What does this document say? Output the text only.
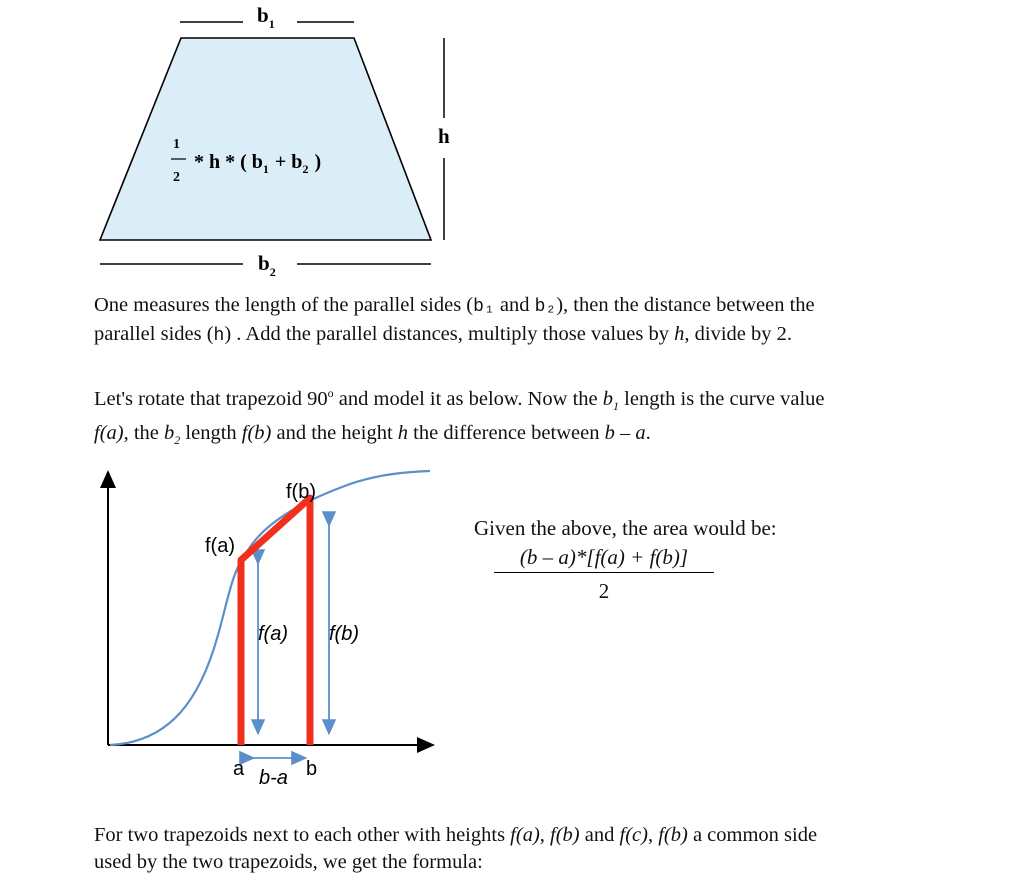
$b_1$
h
1
2
* h * ( $b_1 + b_2$ )
$b_2$

One measures the length of the parallel sides (b₁ and b₂), then the distance between the
parallel sides (h) . Add the parallel distances, multiply those values by h, divide by 2.

Let's rotate that trapezoid 90$^o$ and model it as below. Now the $b_1$ length is the curve value
f(a), the $b_2$ length f(b) and the height h the difference between b – a.

f(b)
f(a)
f(a) f(b)
a	b
b-a
Given the above, the area would be:
(b – a)*[f(a) + f(b)]
2

For two trapezoids next to each other with heights f(a), f(b) and f(c), f(b) a common side
used by the two trapezoids, we get the formula:
